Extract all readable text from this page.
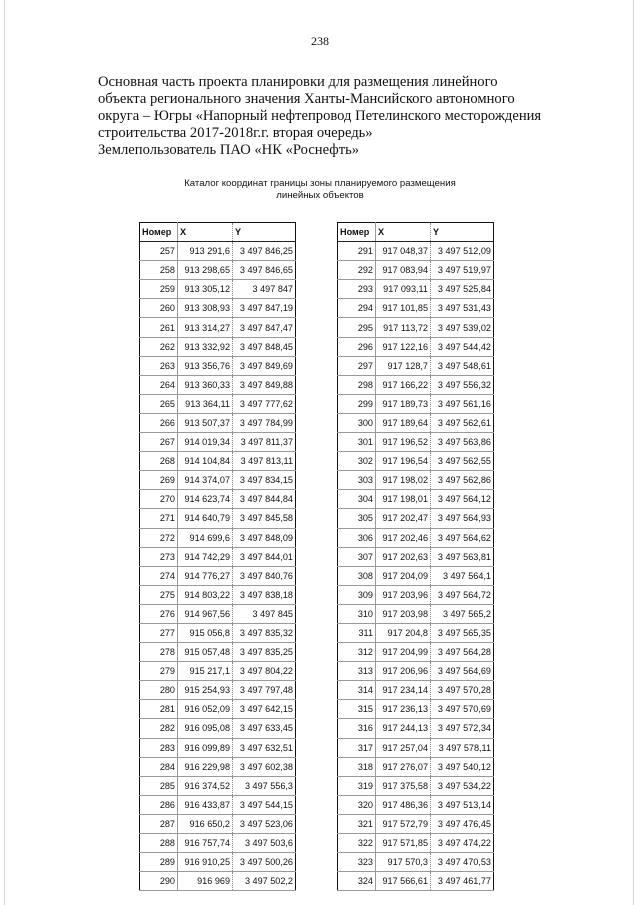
238
Основная часть проекта планировки для размещения линейного
объекта регионального значения Ханты-Мансийского автономного
округа – Югры «Напорный нефтепровод Петелинского месторождения
строительства 2017-2018г.г. вторая очередь»
Землепользователь ПАО «НК «Роснефть»
Каталог координат границы зоны планируемого размещения
линейных объектов
Номер	X	Y
257	913 291,6	3 497 846,25
258	913 298,65	3 497 846,65
259	913 305,12	3 497 847
260	913 308,93	3 497 847,19
261	913 314,27	3 497 847,47
262	913 332,92	3 497 848,45
263	913 356,76	3 497 849,69
264	913 360,33	3 497 849,88
265	913 364,11	3 497 777,62
266	913 507,37	3 497 784,99
267	914 019,34	3 497 811,37
268	914 104,84	3 497 813,11
269	914 374,07	3 497 834,15
270	914 623,74	3 497 844,84
271	914 640,79	3 497 845,58
272	914 699,6	3 497 848,09
273	914 742,29	3 497 844,01
274	914 776,27	3 497 840,76
275	914 803,22	3 497 838,18
276	914 967,56	3 497 845
277	915 056,8	3 497 835,32
278	915 057,48	3 497 835,25
279	915 217,1	3 497 804,22
280	915 254,93	3 497 797,48
281	916 052,09	3 497 642,15
282	916 095,08	3 497 633,45
283	916 099,89	3 497 632,51
284	916 229,98	3 497 602,38
285	916 374,52	3 497 556,3
286	916 433,87	3 497 544,15
287	916 650,2	3 497 523,06
288	916 757,74	3 497 503,6
289	916 910,25	3 497 500,26
290	916 969	3 497 502,2
Номер	X	Y
291	917 048,37	3 497 512,09
292	917 083,94	3 497 519,97
293	917 093,11	3 497 525,84
294	917 101,85	3 497 531,43
295	917 113,72	3 497 539,02
296	917 122,16	3 497 544,42
297	917 128,7	3 497 548,61
298	917 166,22	3 497 556,32
299	917 189,73	3 497 561,16
300	917 189,64	3 497 562,61
301	917 196,52	3 497 563,86
302	917 196,54	3 497 562,55
303	917 198,02	3 497 562,86
304	917 198,01	3 497 564,12
305	917 202,47	3 497 564,93
306	917 202,46	3 497 564,62
307	917 202,63	3 497 563,81
308	917 204,09	3 497 564,1
309	917 203,96	3 497 564,72
310	917 203,98	3 497 565,2
311	917 204,8	3 497 565,35
312	917 204,99	3 497 564,28
313	917 206,96	3 497 564,69
314	917 234,14	3 497 570,28
315	917 236,13	3 497 570,69
316	917 244,13	3 497 572,34
317	917 257,04	3 497 578,11
318	917 276,07	3 497 540,12
319	917 375,58	3 497 534,22
320	917 486,36	3 497 513,14
321	917 572,79	3 497 476,45
322	917 571,85	3 497 474,22
323	917 570,3	3 497 470,53
324	917 566,61	3 497 461,77
